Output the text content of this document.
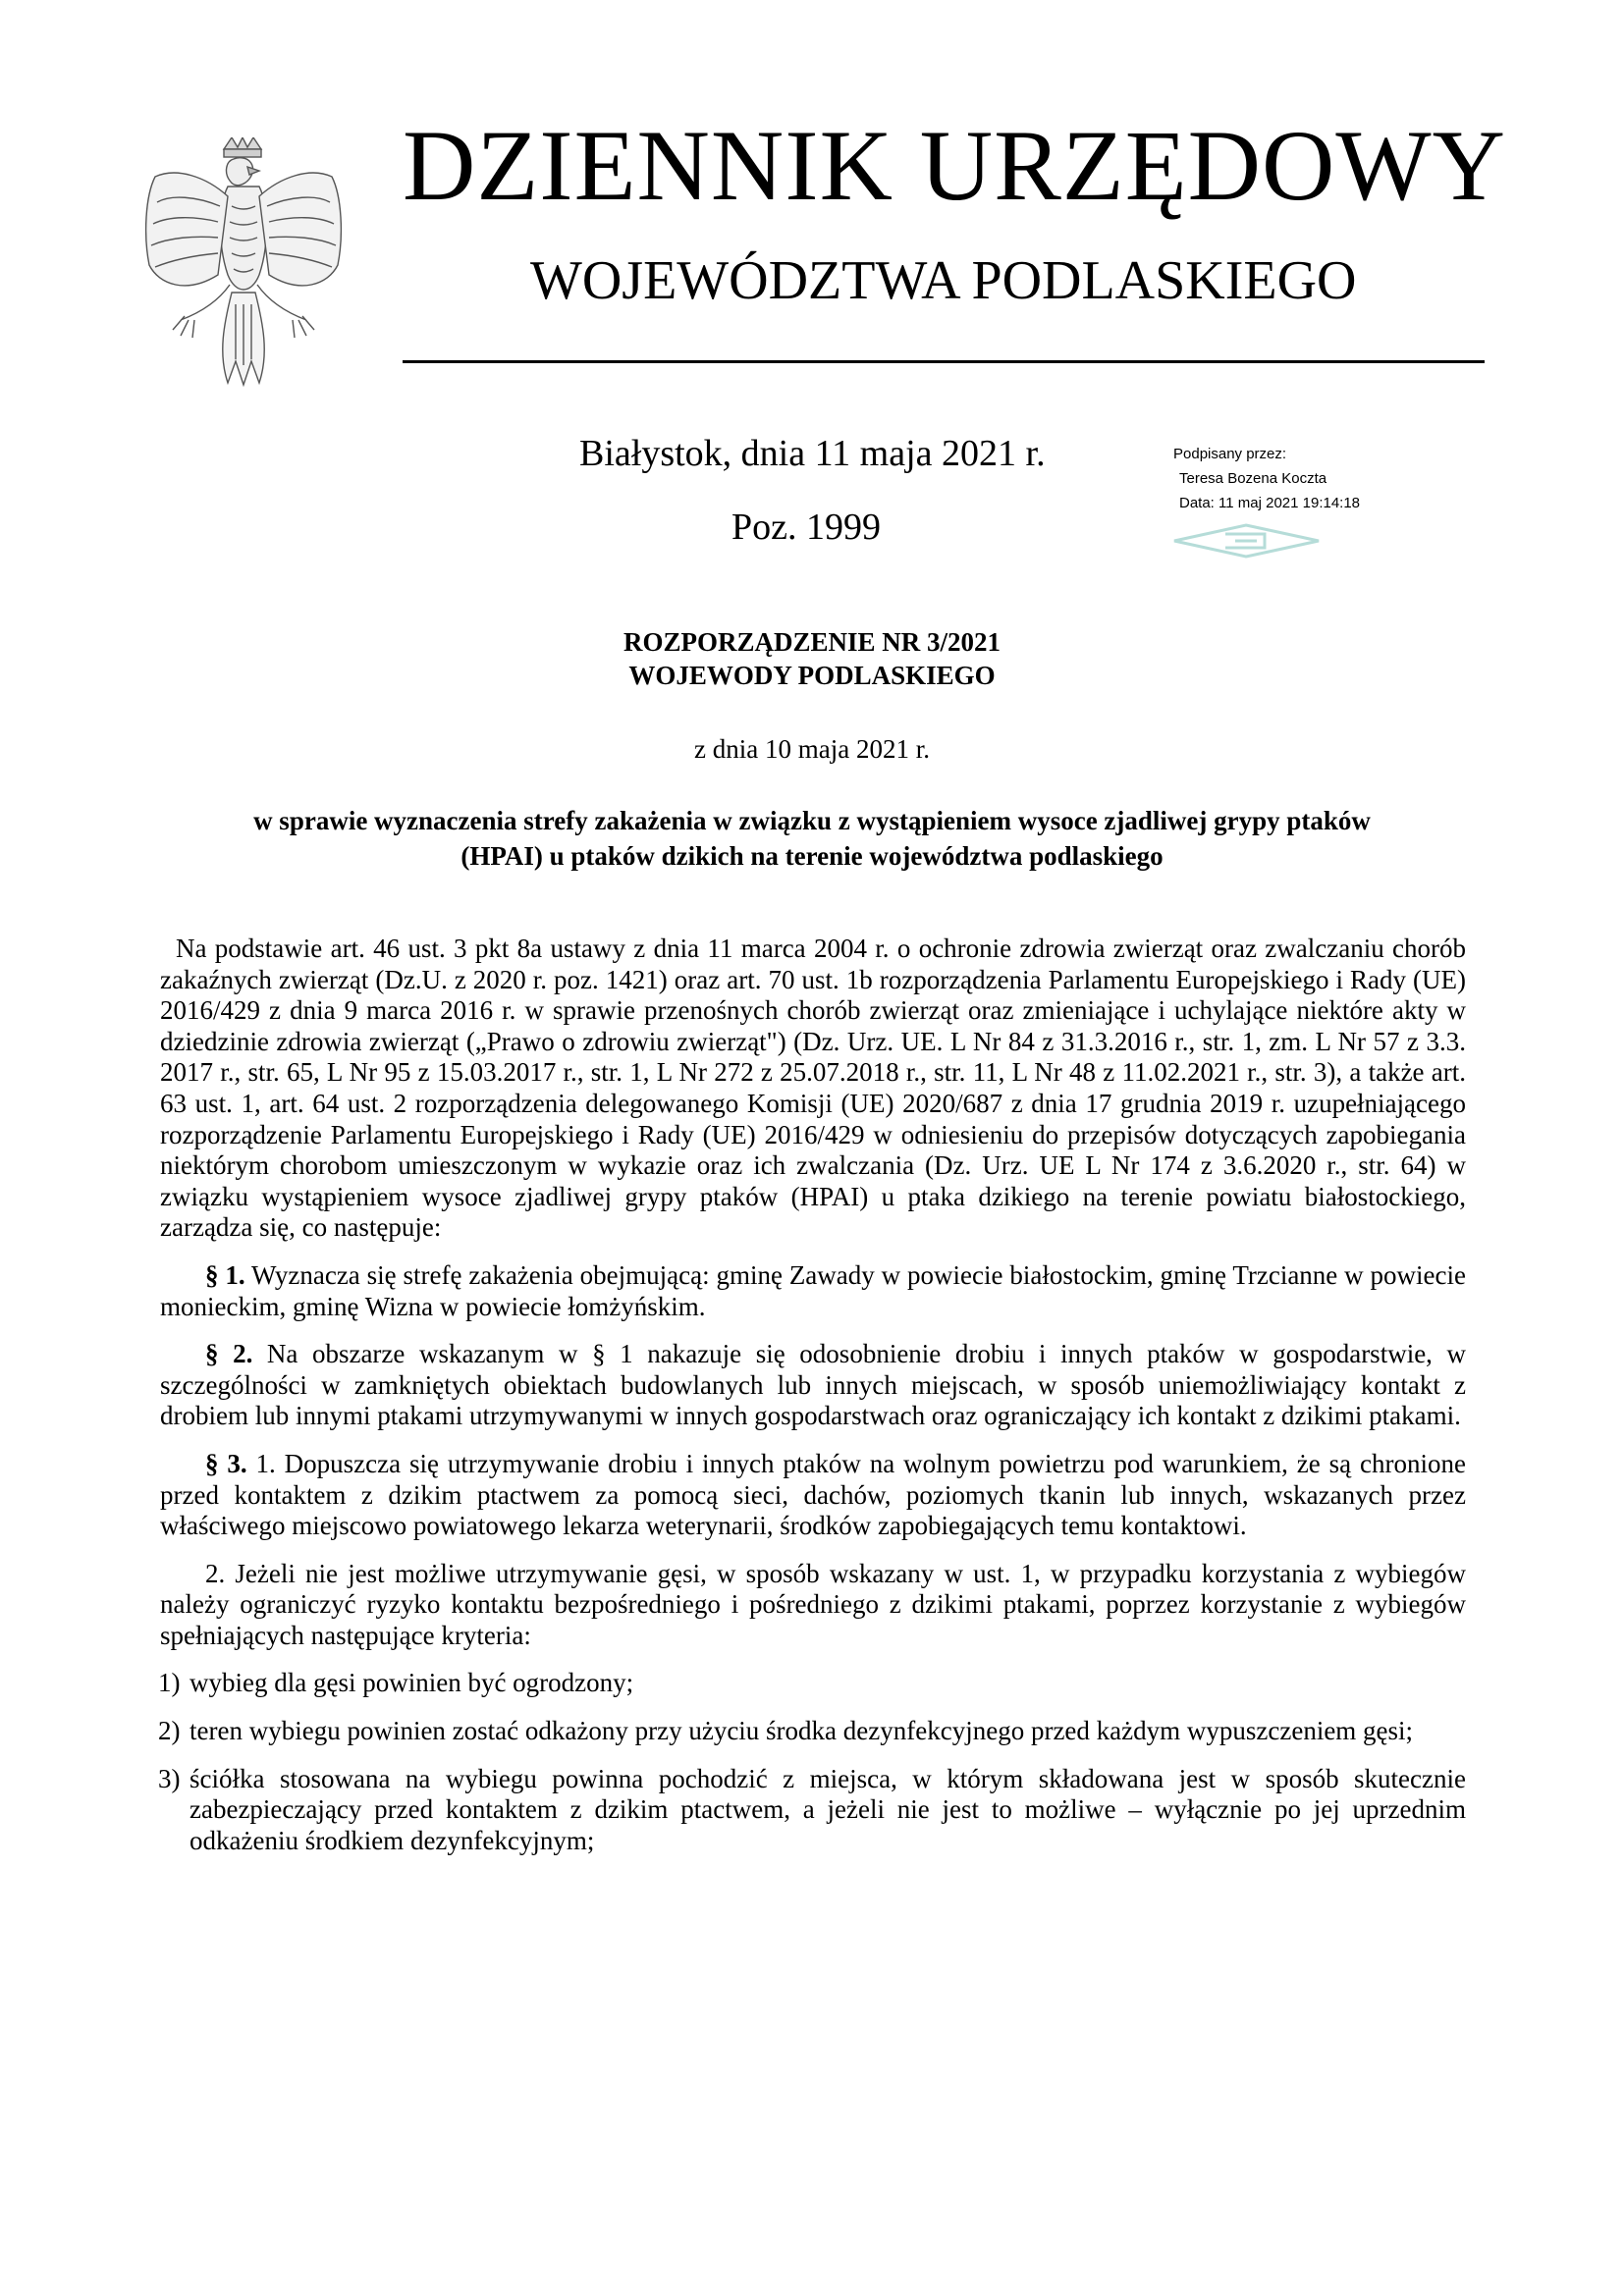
DZIENNIK URZĘDOWY
WOJEWÓDZTWA PODLASKIEGO
Białystok, dnia 11 maja 2021 r.
Poz. 1999
Podpisany przez:
Teresa Bozena Koczta
Data: 11 maj 2021 19:14:18
ROZPORZĄDZENIE NR 3/2021
WOJEWODY PODLASKIEGO
z dnia 10 maja 2021 r.
w sprawie wyznaczenia strefy zakażenia w związku z wystąpieniem wysoce zjadliwej grypy ptaków
(HPAI) u ptaków dzikich na terenie województwa podlaskiego

Na podstawie art. 46 ust. 3 pkt 8a ustawy z dnia 11 marca 2004 r. o ochronie zdrowia zwierząt oraz zwalczaniu chorób zakaźnych zwierząt (Dz.U. z 2020 r. poz. 1421) oraz art. 70 ust. 1b rozporządzenia Parlamentu Europejskiego i Rady (UE) 2016/429 z dnia 9 marca 2016 r. w sprawie przenośnych chorób zwierząt oraz zmieniające i uchylające niektóre akty w dziedzinie zdrowia zwierząt („Prawo o zdrowiu zwierząt") (Dz. Urz. UE. L Nr 84 z 31.3.2016 r., str. 1, zm. L Nr 57 z 3.3. 2017 r., str. 65, L Nr 95 z 15.03.2017 r., str. 1, L Nr 272 z 25.07.2018 r., str. 11, L Nr 48 z 11.02.2021 r., str. 3), a także art. 63 ust. 1, art. 64 ust. 2 rozporządzenia delegowanego Komisji (UE) 2020/687 z dnia 17 grudnia 2019 r. uzupełniającego rozporządzenie Parlamentu Europejskiego i Rady (UE) 2016/429 w odniesieniu do przepisów dotyczących zapobiegania niektórym chorobom umieszczonym w wykazie oraz ich zwalczania (Dz. Urz. UE L Nr 174 z 3.6.2020 r., str. 64) w związku wystąpieniem wysoce zjadliwej grypy ptaków (HPAI) u ptaka dzikiego na terenie powiatu białostockiego, zarządza się, co następuje:

§ 1. Wyznacza się strefę zakażenia obejmującą: gminę Zawady w powiecie białostockim, gminę Trzcianne w powiecie monieckim, gminę Wizna w powiecie łomżyńskim.

§ 2. Na obszarze wskazanym w § 1 nakazuje się odosobnienie drobiu i innych ptaków w gospodarstwie, w szczególności w zamkniętych obiektach budowlanych lub innych miejscach, w sposób uniemożliwiający kontakt z drobiem lub innymi ptakami utrzymywanymi w innych gospodarstwach oraz ograniczający ich kontakt z dzikimi ptakami.

§ 3. 1. Dopuszcza się utrzymywanie drobiu i innych ptaków na wolnym powietrzu pod warunkiem, że są chronione przed kontaktem z dzikim ptactwem za pomocą sieci, dachów, poziomych tkanin lub innych, wskazanych przez właściwego miejscowo powiatowego lekarza weterynarii, środków zapobiegających temu kontaktowi.

2. Jeżeli nie jest możliwe utrzymywanie gęsi, w sposób wskazany w ust. 1, w przypadku korzystania z wybiegów należy ograniczyć ryzyko kontaktu bezpośredniego i pośredniego z dzikimi ptakami, poprzez korzystanie z wybiegów spełniających następujące kryteria:

1) wybieg dla gęsi powinien być ogrodzony;

2) teren wybiegu powinien zostać odkażony przy użyciu środka dezynfekcyjnego przed każdym wypuszczeniem gęsi;

3) ściółka stosowana na wybiegu powinna pochodzić z miejsca, w którym składowana jest w sposób skutecznie zabezpieczający przed kontaktem z dzikim ptactwem, a jeżeli nie jest to możliwe – wyłącznie po jej uprzednim odkażeniu środkiem dezynfekcyjnym;
